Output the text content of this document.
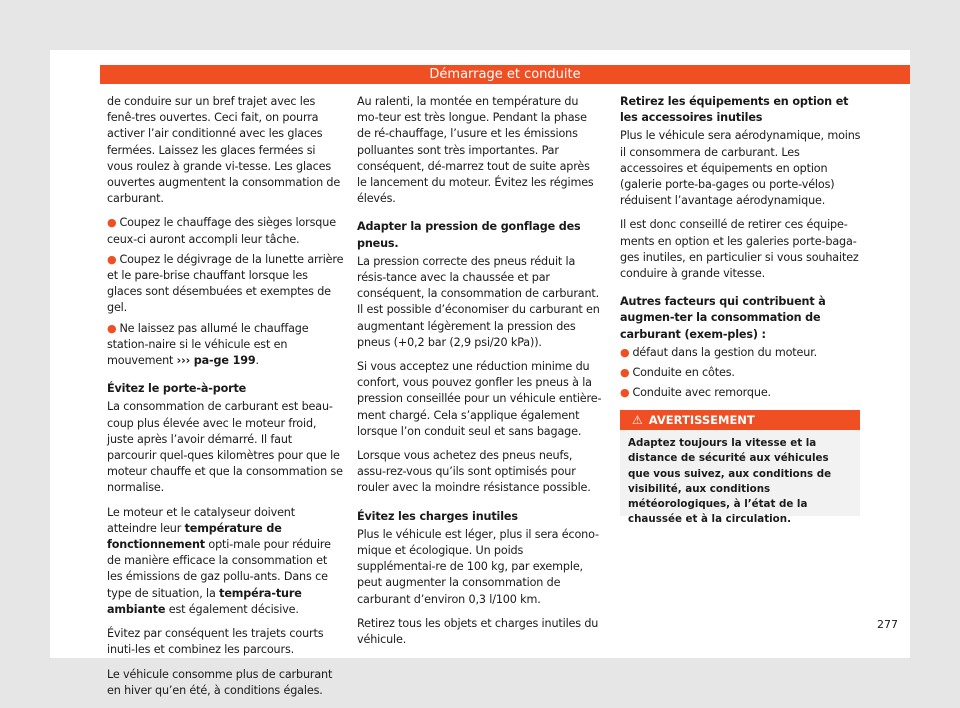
Démarrage et conduite

de conduire sur un bref trajet avec les fenê-tres ouvertes. Ceci fait, on pourra activer l’air conditionné avec les glaces fermées. Laissez les glaces fermées si vous roulez à grande vi-tesse. Les glaces ouvertes augmentent la consommation de carburant.

● Coupez le chauffage des sièges lorsque ceux-ci auront accompli leur tâche.
● Coupez le dégivrage de la lunette arrière et le pare-brise chauffant lorsque les glaces sont désembuées et exemptes de gel.
● Ne laissez pas allumé le chauffage station-naire si le véhicule est en mouvement ››› pa-ge 199.
Évitez le porte-à-porte

La consommation de carburant est beau-coup plus élevée avec le moteur froid, juste après l’avoir démarré. Il faut parcourir quel-ques kilomètres pour que le moteur chauffe et que la consommation se normalise.

Le moteur et le catalyseur doivent atteindre leur température de fonctionnement opti-male pour réduire de manière efficace la consommation et les émissions de gaz pollu-ants. Dans ce type de situation, la tempéra-ture ambiante est également décisive.

Évitez par conséquent les trajets courts inuti-les et combinez les parcours.

Le véhicule consomme plus de carburant en hiver qu’en été, à conditions égales.

Au ralenti, la montée en température du mo-teur est très longue. Pendant la phase de ré-chauffage, l’usure et les émissions polluantes sont très importantes. Par conséquent, dé-marrez tout de suite après le lancement du moteur. Évitez les régimes élevés.

Adapter la pression de gonflage des pneus.

La pression correcte des pneus réduit la résis-tance avec la chaussée et par conséquent, la consommation de carburant. Il est possible d’économiser du carburant en augmentant légèrement la pression des pneus (+0,2 bar (2,9 psi/20 kPa)).

Si vous acceptez une réduction minime du confort, vous pouvez gonfler les pneus à la pression conseillée pour un véhicule entière-ment chargé. Cela s’applique également lorsque l’on conduit seul et sans bagage.

Lorsque vous achetez des pneus neufs, assu-rez-vous qu’ils sont optimisés pour rouler avec la moindre résistance possible.

Évitez les charges inutiles

Plus le véhicule est léger, plus il sera écono-mique et écologique. Un poids supplémentai-re de 100 kg, par exemple, peut augmenter la consommation de carburant d’environ 0,3 l/100 km.

Retirez tous les objets et charges inutiles du véhicule.

Retirez les équipements en option et les accessoires inutiles

Plus le véhicule sera aérodynamique, moins il consommera de carburant. Les accessoires et équipements en option (galerie porte-ba-gages ou porte-vélos) réduisent l’avantage aérodynamique.

Il est donc conseillé de retirer ces équipe-ments en option et les galeries porte-baga-ges inutiles, en particulier si vous souhaitez conduire à grande vitesse.

Autres facteurs qui contribuent à augmen-ter la consommation de carburant (exem-ples) :
● défaut dans la gestion du moteur.
● Conduite en côtes.
● Conduite avec remorque.
⚠ AVERTISSEMENT
Adaptez toujours la vitesse et la distance de sécurité aux véhicules que vous suivez, aux conditions de visibilité, aux conditions météorologiques, à l’état de la chaussée et à la circulation.
277
